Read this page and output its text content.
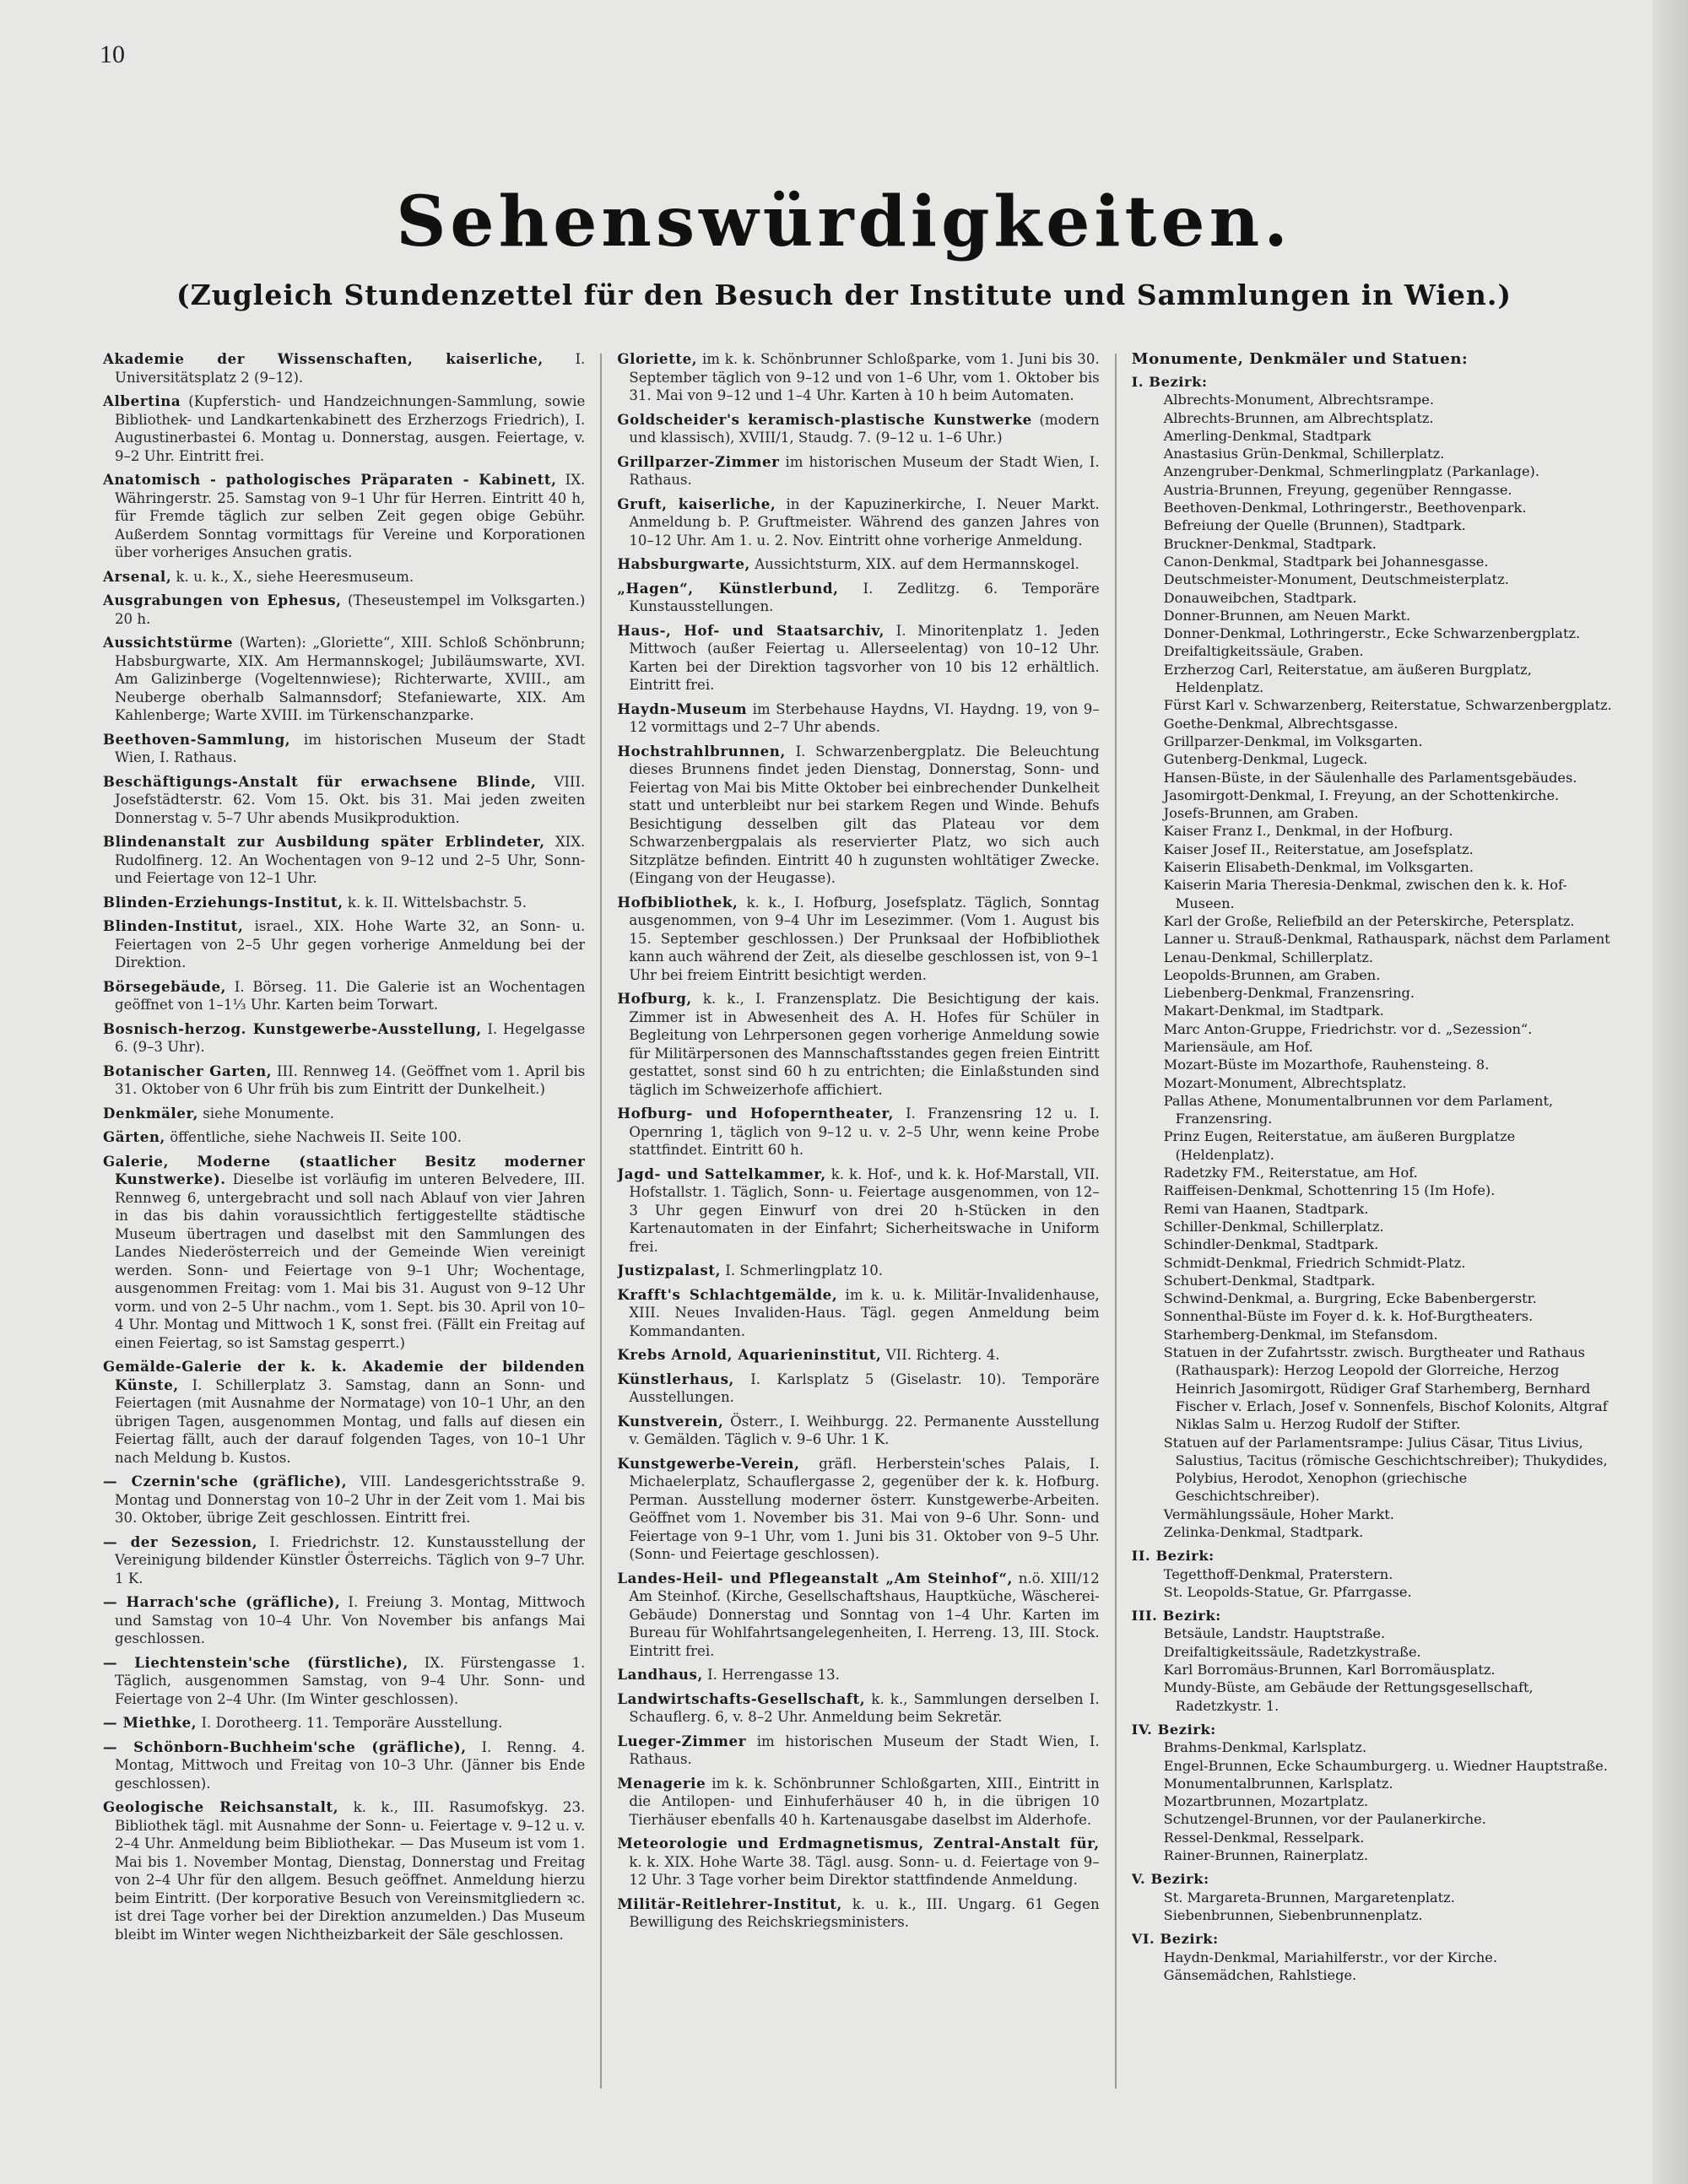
10
Sehenswürdigkeiten.
(Zugleich Stundenzettel für den Besuch der Institute und Sammlungen in Wien.)
Akademie der Wissenschaften, kaiserliche, I. Universitätsplatz 2 (9–12).
Albertina (Kupferstich- und Handzeichnungen-Sammlung, sowie Bibliothek- und Landkartenkabinett des Erzherzogs Friedrich), I. Augustinerbastei 6. Montag u. Donnerstag, ausgen. Feiertage, v. 9–2 Uhr. Eintritt frei.
Anatomisch - pathologisches Präparaten - Kabinett, IX. Währingerstr. 25. Samstag von 9–1 Uhr für Herren. Eintritt 40 h, für Fremde täglich zur selben Zeit gegen obige Gebühr. Außerdem Sonntag vormittags für Vereine und Korporationen über vorheriges Ansuchen gratis.
Arsenal, k. u. k., X., siehe Heeresmuseum.
Ausgrabungen von Ephesus, (Theseustempel im Volksgarten.) 20 h.
Aussichtstürme (Warten): „Gloriette“, XIII. Schloß Schönbrunn; Habsburgwarte, XIX. Am Hermannskogel; Jubiläumswarte, XVI. Am Galizinberge (Vogeltennwiese); Richterwarte, XVIII., am Neuberge oberhalb Salmannsdorf; Stefaniewarte, XIX. Am Kahlenberge; Warte XVIII. im Türkenschanzparke.
Beethoven-Sammlung, im historischen Museum der Stadt Wien, I. Rathaus.
Beschäftigungs-Anstalt für erwachsene Blinde, VIII. Josefstädterstr. 62. Vom 15. Okt. bis 31. Mai jeden zweiten Donnerstag v. 5–7 Uhr abends Musikproduktion.
Blindenanstalt zur Ausbildung später Erblindeter, XIX. Rudolfinerg. 12. An Wochentagen von 9–12 und 2–5 Uhr, Sonn- und Feiertage von 12–1 Uhr.
Blinden-Erziehungs-Institut, k. k. II. Wittelsbachstr. 5.
Blinden-Institut, israel., XIX. Hohe Warte 32, an Sonn- u. Feiertagen von 2–5 Uhr gegen vorherige Anmeldung bei der Direktion.
Börsegebäude, I. Börseg. 11. Die Galerie ist an Wochentagen geöffnet von 1–1⅓ Uhr. Karten beim Torwart.
Bosnisch-herzog. Kunstgewerbe-Ausstellung, I. Hegelgasse 6. (9–3 Uhr).
Botanischer Garten, III. Rennweg 14. (Geöffnet vom 1. April bis 31. Oktober von 6 Uhr früh bis zum Eintritt der Dunkelheit.)
Denkmäler, siehe Monumente.
Gärten, öffentliche, siehe Nachweis II. Seite 100.
Galerie, Moderne (staatlicher Besitz moderner Kunstwerke). Dieselbe ist vorläufig im unteren Belvedere, III. Rennweg 6, untergebracht und soll nach Ablauf von vier Jahren in das bis dahin voraussichtlich fertiggestellte städtische Museum übertragen und daselbst mit den Sammlungen des Landes Niederösterreich und der Gemeinde Wien vereinigt werden. Sonn- und Feiertage von 9–1 Uhr; Wochentage, ausgenommen Freitag: vom 1. Mai bis 31. August von 9–12 Uhr vorm. und von 2–5 Uhr nachm., vom 1. Sept. bis 30. April von 10–4 Uhr. Montag und Mittwoch 1 K, sonst frei. (Fällt ein Freitag auf einen Feiertag, so ist Samstag gesperrt.)
Gemälde-Galerie der k. k. Akademie der bildenden Künste, I. Schillerplatz 3. Samstag, dann an Sonn- und Feiertagen (mit Ausnahme der Normatage) von 10–1 Uhr, an den übrigen Tagen, ausgenommen Montag, und falls auf diesen ein Feiertag fällt, auch der darauf folgenden Tages, von 10–1 Uhr nach Meldung b. Kustos.
— Czernin'sche (gräfliche), VIII. Landesgerichtsstraße 9. Montag und Donnerstag von 10–2 Uhr in der Zeit vom 1. Mai bis 30. Oktober, übrige Zeit geschlossen. Eintritt frei.
— der Sezession, I. Friedrichstr. 12. Kunstausstellung der Vereinigung bildender Künstler Österreichs. Täglich von 9–7 Uhr. 1 K.
— Harrach'sche (gräfliche), I. Freiung 3. Montag, Mittwoch und Samstag von 10–4 Uhr. Von November bis anfangs Mai geschlossen.
— Liechtenstein'sche (fürstliche), IX. Fürstengasse 1. Täglich, ausgenommen Samstag, von 9–4 Uhr. Sonn- und Feiertage von 2–4 Uhr. (Im Winter geschlossen).
— Miethke, I. Dorotheerg. 11. Temporäre Ausstellung.
— Schönborn-Buchheim'sche (gräfliche), I. Renng. 4. Montag, Mittwoch und Freitag von 10–3 Uhr. (Jänner bis Ende geschlossen).
Geologische Reichsanstalt, k. k., III. Rasumofskyg. 23. Bibliothek tägl. mit Ausnahme der Sonn- u. Feiertage v. 9–12 u. v. 2–4 Uhr. Anmeldung beim Bibliothekar. — Das Museum ist vom 1. Mai bis 1. November Montag, Dienstag, Donnerstag und Freitag von 2–4 Uhr für den allgem. Besuch geöffnet. Anmeldung hierzu beim Eintritt. (Der korporative Besuch von Vereinsmitgliedern ꝛc. ist drei Tage vorher bei der Direktion anzumelden.) Das Museum bleibt im Winter wegen Nichtheizbarkeit der Säle geschlossen.
Gloriette, im k. k. Schönbrunner Schloßparke, vom 1. Juni bis 30. September täglich von 9–12 und von 1–6 Uhr, vom 1. Oktober bis 31. Mai von 9–12 und 1–4 Uhr. Karten à 10 h beim Automaten.
Goldscheider's keramisch-plastische Kunstwerke (modern und klassisch), XVIII/1, Staudg. 7. (9–12 u. 1–6 Uhr.)
Grillparzer-Zimmer im historischen Museum der Stadt Wien, I. Rathaus.
Gruft, kaiserliche, in der Kapuzinerkirche, I. Neuer Markt. Anmeldung b. P. Gruftmeister. Während des ganzen Jahres von 10–12 Uhr. Am 1. u. 2. Nov. Eintritt ohne vorherige Anmeldung.
Habsburgwarte, Aussichtsturm, XIX. auf dem Hermannskogel.
„Hagen“, Künstlerbund, I. Zedlitzg. 6. Temporäre Kunstausstellungen.
Haus-, Hof- und Staatsarchiv, I. Minoritenplatz 1. Jeden Mittwoch (außer Feiertag u. Allerseelentag) von 10–12 Uhr. Karten bei der Direktion tagsvorher von 10 bis 12 erhältlich. Eintritt frei.
Haydn-Museum im Sterbehause Haydns, VI. Haydng. 19, von 9–12 vormittags und 2–7 Uhr abends.
Hochstrahlbrunnen, I. Schwarzenbergplatz. Die Beleuchtung dieses Brunnens findet jeden Dienstag, Donnerstag, Sonn- und Feiertag von Mai bis Mitte Oktober bei einbrechender Dunkelheit statt und unterbleibt nur bei starkem Regen und Winde. Behufs Besichtigung desselben gilt das Plateau vor dem Schwarzenbergpalais als reservierter Platz, wo sich auch Sitzplätze befinden. Eintritt 40 h zugunsten wohltätiger Zwecke. (Eingang von der Heugasse).
Hofbibliothek, k. k., I. Hofburg, Josefsplatz. Täglich, Sonntag ausgenommen, von 9–4 Uhr im Lesezimmer. (Vom 1. August bis 15. September geschlossen.) Der Prunksaal der Hofbibliothek kann auch während der Zeit, als dieselbe geschlossen ist, von 9–1 Uhr bei freiem Eintritt besichtigt werden.
Hofburg, k. k., I. Franzensplatz. Die Besichtigung der kais. Zimmer ist in Abwesenheit des A. H. Hofes für Schüler in Begleitung von Lehrpersonen gegen vorherige Anmeldung sowie für Militärpersonen des Mannschaftsstandes gegen freien Eintritt gestattet, sonst sind 60 h zu entrichten; die Einlaßstunden sind täglich im Schweizerhofe affichiert.
Hofburg- und Hofoperntheater, I. Franzensring 12 u. I. Opernring 1, täglich von 9–12 u. v. 2–5 Uhr, wenn keine Probe stattfindet. Eintritt 60 h.
Jagd- und Sattelkammer, k. k. Hof-, und k. k. Hof-Marstall, VII. Hofstallstr. 1. Täglich, Sonn- u. Feiertage ausgenommen, von 12–3 Uhr gegen Einwurf von drei 20 h-Stücken in den Kartenautomaten in der Einfahrt; Sicherheitswache in Uniform frei.
Justizpalast, I. Schmerlingplatz 10.
Krafft's Schlachtgemälde, im k. u. k. Militär-Invalidenhause, XIII. Neues Invaliden-Haus. Tägl. gegen Anmeldung beim Kommandanten.
Krebs Arnold, Aquarieninstitut, VII. Richterg. 4.
Künstlerhaus, I. Karlsplatz 5 (Giselastr. 10). Temporäre Ausstellungen.
Kunstverein, Österr., I. Weihburgg. 22. Permanente Ausstellung v. Gemälden. Täglich v. 9–6 Uhr. 1 K.
Kunstgewerbe-Verein, gräfl. Herberstein'sches Palais, I. Michaelerplatz, Schauflergasse 2, gegenüber der k. k. Hofburg. Perman. Ausstellung moderner österr. Kunstgewerbe-Arbeiten. Geöffnet vom 1. November bis 31. Mai von 9–6 Uhr. Sonn- und Feiertage von 9–1 Uhr, vom 1. Juni bis 31. Oktober von 9–5 Uhr. (Sonn- und Feiertage geschlossen).
Landes-Heil- und Pflegeanstalt „Am Steinhof“, n.ö. XIII/12 Am Steinhof. (Kirche, Gesellschaftshaus, Hauptküche, Wäscherei-Gebäude) Donnerstag und Sonntag von 1–4 Uhr. Karten im Bureau für Wohlfahrtsangelegenheiten, I. Herreng. 13, III. Stock. Eintritt frei.
Landhaus, I. Herrengasse 13.
Landwirtschafts-Gesellschaft, k. k., Sammlungen derselben I. Schauflerg. 6, v. 8–2 Uhr. Anmeldung beim Sekretär.
Lueger-Zimmer im historischen Museum der Stadt Wien, I. Rathaus.
Menagerie im k. k. Schönbrunner Schloßgarten, XIII., Eintritt in die Antilopen- und Einhuferhäuser 40 h, in die übrigen 10 Tierhäuser ebenfalls 40 h. Kartenausgabe daselbst im Alderhofe.
Meteorologie und Erdmagnetismus, Zentral-Anstalt für, k. k. XIX. Hohe Warte 38. Tägl. ausg. Sonn- u. d. Feiertage von 9–12 Uhr. 3 Tage vorher beim Direktor stattfindende Anmeldung.
Militär-Reitlehrer-Institut, k. u. k., III. Ungarg. 61 Gegen Bewilligung des Reichskriegsministers.
Monumente, Denkmäler und Statuen:
I. Bezirk:
Albrechts-Monument, Albrechtsrampe.
Albrechts-Brunnen, am Albrechtsplatz.
Amerling-Denkmal, Stadtpark
Anastasius Grün-Denkmal, Schillerplatz.
Anzengruber-Denkmal, Schmerlingplatz (Parkanlage).
Austria-Brunnen, Freyung, gegenüber Renngasse.
Beethoven-Denkmal, Lothringerstr., Beethovenpark.
Befreiung der Quelle (Brunnen), Stadtpark.
Bruckner-Denkmal, Stadtpark.
Canon-Denkmal, Stadtpark bei Johannesgasse.
Deutschmeister-Monument, Deutschmeisterplatz.
Donauweibchen, Stadtpark.
Donner-Brunnen, am Neuen Markt.
Donner-Denkmal, Lothringerstr., Ecke Schwarzenbergplatz.
Dreifaltigkeitssäule, Graben.
Erzherzog Carl, Reiterstatue, am äußeren Burgplatz, Heldenplatz.
Fürst Karl v. Schwarzenberg, Reiterstatue, Schwarzenbergplatz.
Goethe-Denkmal, Albrechtsgasse.
Grillparzer-Denkmal, im Volksgarten.
Gutenberg-Denkmal, Lugeck.
Hansen-Büste, in der Säulenhalle des Parlamentsgebäudes.
Jasomirgott-Denkmal, I. Freyung, an der Schottenkirche.
Josefs-Brunnen, am Graben.
Kaiser Franz I., Denkmal, in der Hofburg.
Kaiser Josef II., Reiterstatue, am Josefsplatz.
Kaiserin Elisabeth-Denkmal, im Volksgarten.
Kaiserin Maria Theresia-Denkmal, zwischen den k. k. Hof-Museen.
Karl der Große, Reliefbild an der Peterskirche, Petersplatz.
Lanner u. Strauß-Denkmal, Rathauspark, nächst dem Parlament
Lenau-Denkmal, Schillerplatz.
Leopolds-Brunnen, am Graben.
Liebenberg-Denkmal, Franzensring.
Makart-Denkmal, im Stadtpark.
Marc Anton-Gruppe, Friedrichstr. vor d. „Sezession“.
Mariensäule, am Hof.
Mozart-Büste im Mozarthofe, Rauhensteing. 8.
Mozart-Monument, Albrechtsplatz.
Pallas Athene, Monumentalbrunnen vor dem Parlament, Franzensring.
Prinz Eugen, Reiterstatue, am äußeren Burgplatze (Heldenplatz).
Radetzky FM., Reiterstatue, am Hof.
Raiffeisen-Denkmal, Schottenring 15 (Im Hofe).
Remi van Haanen, Stadtpark.
Schiller-Denkmal, Schillerplatz.
Schindler-Denkmal, Stadtpark.
Schmidt-Denkmal, Friedrich Schmidt-Platz.
Schubert-Denkmal, Stadtpark.
Schwind-Denkmal, a. Burgring, Ecke Babenbergerstr.
Sonnenthal-Büste im Foyer d. k. k. Hof-Burgtheaters.
Starhemberg-Denkmal, im Stefansdom.
Statuen in der Zufahrtsstr. zwisch. Burgtheater und Rathaus (Rathauspark): Herzog Leopold der Glorreiche, Herzog Heinrich Jasomirgott, Rüdiger Graf Starhemberg, Bernhard Fischer v. Erlach, Josef v. Sonnenfels, Bischof Kolonits, Altgraf Niklas Salm u. Herzog Rudolf der Stifter.
Statuen auf der Parlamentsrampe: Julius Cäsar, Titus Livius, Salustius, Tacitus (römische Geschichtschreiber); Thukydides, Polybius, Herodot, Xenophon (griechische Geschichtschreiber).
Vermählungssäule, Hoher Markt.
Zelinka-Denkmal, Stadtpark.
II. Bezirk:
Tegetthoff-Denkmal, Praterstern.
St. Leopolds-Statue, Gr. Pfarrgasse.
III. Bezirk:
Betsäule, Landstr. Hauptstraße.
Dreifaltigkeitssäule, Radetzkystraße.
Karl Borromäus-Brunnen, Karl Borromäusplatz.
Mundy-Büste, am Gebäude der Rettungsgesellschaft, Radetzkystr. 1.
IV. Bezirk:
Brahms-Denkmal, Karlsplatz.
Engel-Brunnen, Ecke Schaumburgerg. u. Wiedner Hauptstraße.
Monumentalbrunnen, Karlsplatz.
Mozartbrunnen, Mozartplatz.
Schutzengel-Brunnen, vor der Paulanerkirche.
Ressel-Denkmal, Resselpark.
Rainer-Brunnen, Rainerplatz.
V. Bezirk:
St. Margareta-Brunnen, Margaretenplatz.
Siebenbrunnen, Siebenbrunnenplatz.
VI. Bezirk:
Haydn-Denkmal, Mariahilferstr., vor der Kirche.
Gänsemädchen, Rahlstiege.
